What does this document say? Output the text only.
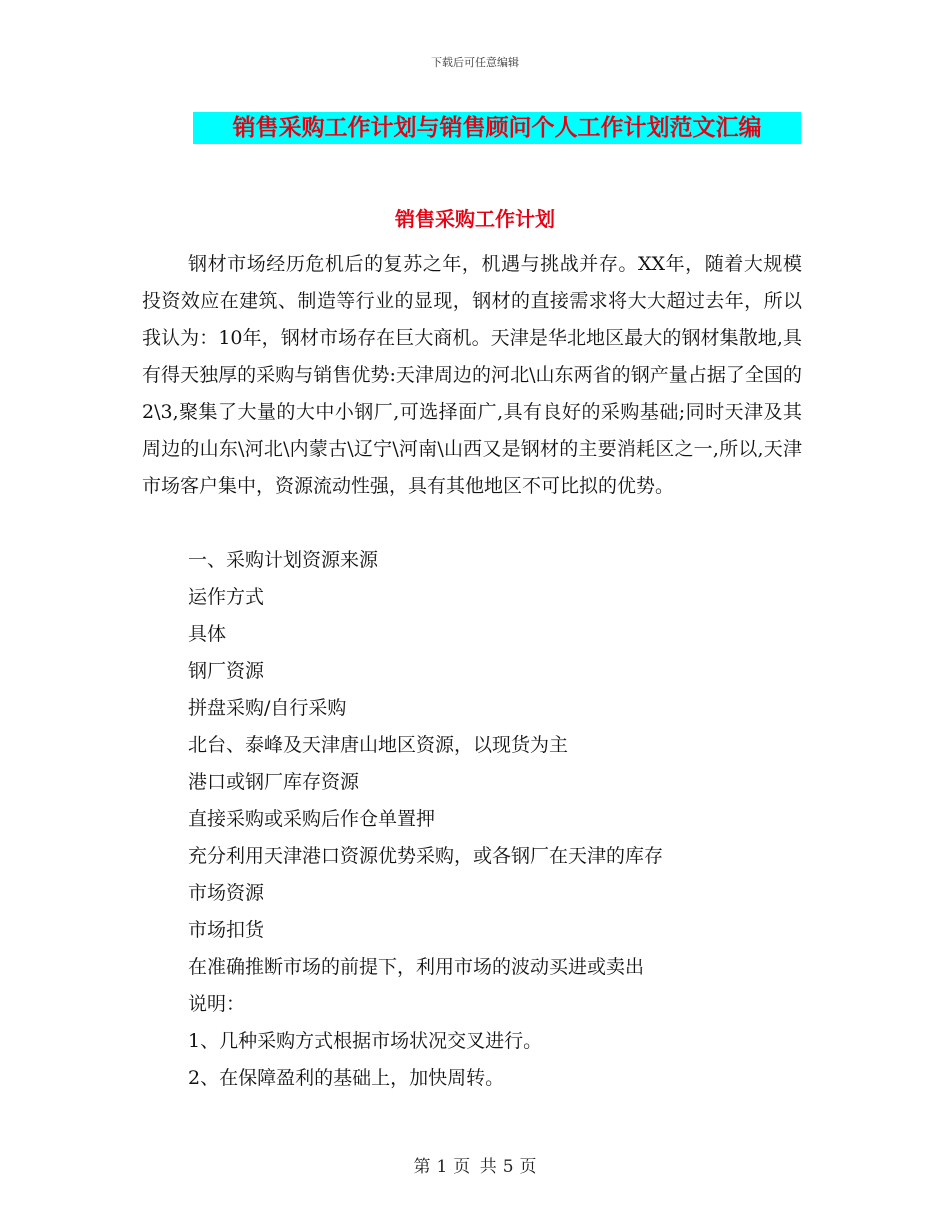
下载后可任意编辑
销售采购工作计划与销售顾问个人工作计划范文汇编
销售采购工作计划

钢材市场经历危机后的复苏之年，机遇与挑战并存。XX年，随着大规模投资效应在建筑、制造等行业的显现，钢材的直接需求将大大超过去年，所以我认为：10年，钢材市场存在巨大商机。天津是华北地区最大的钢材集散地,具有得天独厚的采购与销售优势:天津周边的河北\山东两省的钢产量占据了全国的2\3,聚集了大量的大中小钢厂,可选择面广,具有良好的采购基础;同时天津及其周边的山东\河北\内蒙古\辽宁\河南\山西又是钢材的主要消耗区之一,所以,天津市场客户集中，资源流动性强，具有其他地区不可比拟的优势。

一、采购计划资源来源
运作方式
具体
钢厂资源
拼盘采购/自行采购
北台、泰峰及天津唐山地区资源，以现货为主
港口或钢厂库存资源
直接采购或采购后作仓单置押
充分利用天津港口资源优势采购，或各钢厂在天津的库存
市场资源
市场扣货
在准确推断市场的前提下，利用市场的波动买进或卖出
说明：
1、几种采购方式根据市场状况交叉进行。
2、在保障盈利的基础上，加快周转。
第 1 页 共 5 页
